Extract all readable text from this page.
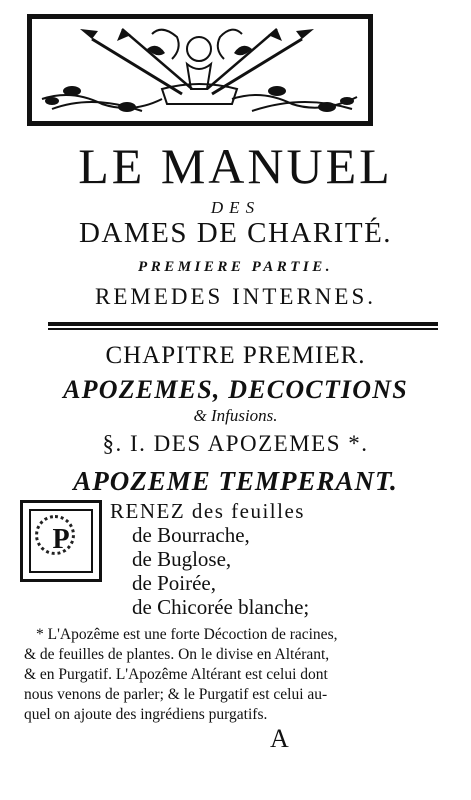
LE MANUEL
DES
DAMES DE CHARITÉ.
PREMIERE PARTIE.
REMEDES INTERNES.
CHAPITRE PREMIER.
APOZEMES, DECOCTIONS
& Infusions.
§. I. DES APOZEMES *.
APOZEME TEMPERANT.
P
RENEZ des feuilles
de Bourrache,
de Buglose,
de Poirée,
de Chicorée blanche;
* L'Apozême est une forte Décoction de racines,
& de feuilles de plantes. On le divise en Altérant,
& en Purgatif. L'Apozême Altérant est celui dont
nous venons de parler; & le Purgatif est celui au-
quel on ajoute des ingrédiens purgatifs.
A
